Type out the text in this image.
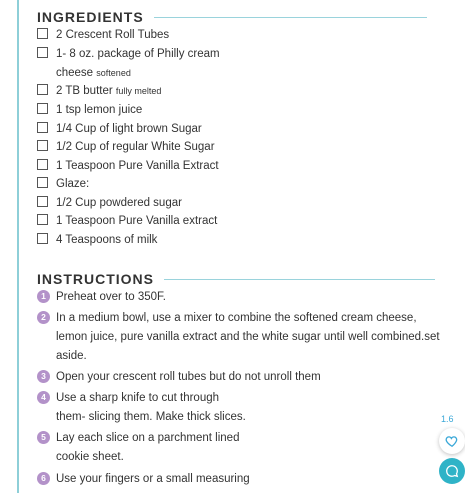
INGREDIENTS
2 Crescent Roll Tubes
1- 8 oz. package of Philly cream
cheese softened
2 TB butter fully melted
1 tsp lemon juice
1/4 Cup of light brown Sugar
1/2 Cup of regular White Sugar
1 Teaspoon Pure Vanilla Extract
Glaze:
1/2 Cup powdered sugar
1 Teaspoon Pure Vanilla extract
4 Teaspoons of milk
INSTRUCTIONS
1 Preheat over to 350F.
2 In a medium bowl, use a mixer to combine the softened cream cheese,
lemon juice, pure vanilla extract and the white sugar until well combined.set
aside.
3 Open your crescent roll tubes but do not unroll them
4 Use a sharp knife to cut through
them- slicing them. Make thick slices.
5 Lay each slice on a parchment lined
cookie sheet.
6 Use your fingers or a small measuring
1.6
